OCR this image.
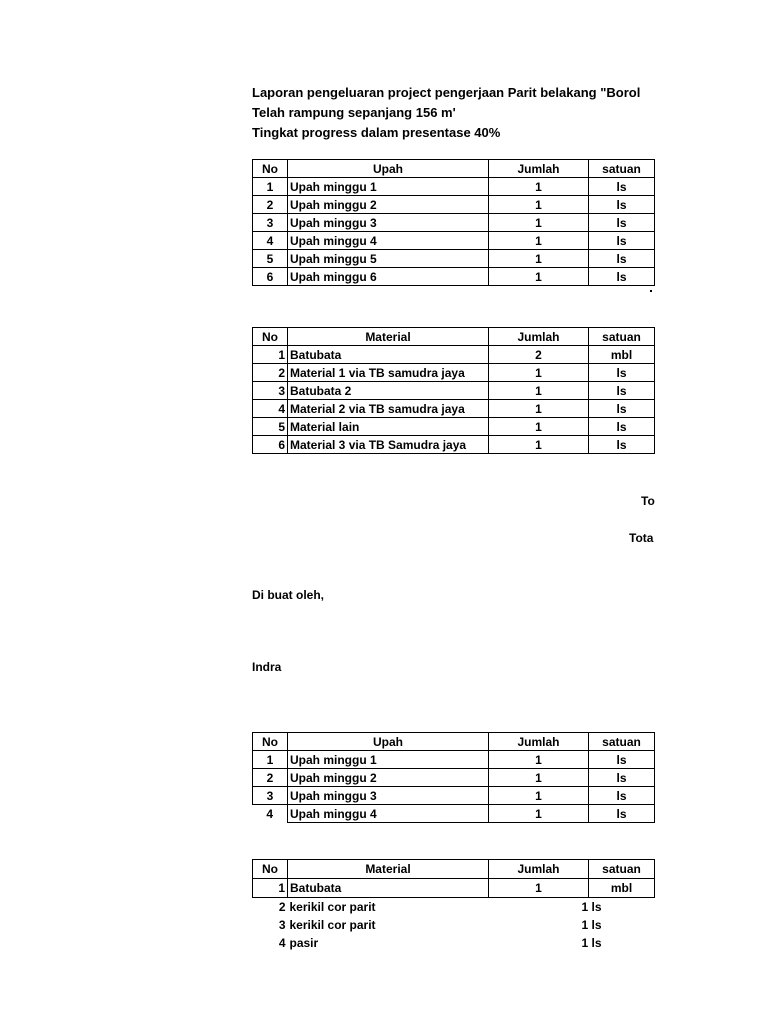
Laporan pengeluaran project pengerjaan Parit belakang "Borol
Telah rampung sepanjang 156 m'
Tingkat progress dalam presentase 40%
No	Upah	Jumlah	satuan
1	Upah minggu 1	1	ls
2	Upah minggu 2	1	ls
3	Upah minggu 3	1	ls
4	Upah minggu 4	1	ls
5	Upah minggu 5	1	ls
6	Upah minggu 6	1	ls
No	Material	Jumlah	satuan
1	Batubata	2	mbl
2	Material 1 via TB samudra jaya	1	ls
3	Batubata 2	1	ls
4	Material 2 via TB samudra jaya	1	ls
5	Material lain	1	ls
6	Material 3 via TB Samudra jaya	1	ls
To
Tota
Di buat oleh,
Indra
No	Upah	Jumlah	satuan
1	Upah minggu 1	1	ls
2	Upah minggu 2	1	ls
3	Upah minggu 3	1	ls
4	Upah minggu 4	1	ls
No	Material	Jumlah	satuan
1	Batubata	1	mbl
2	kerikil cor parit	1 ls	
3	kerikil cor parit	1 ls	
4	pasir	1 ls	
